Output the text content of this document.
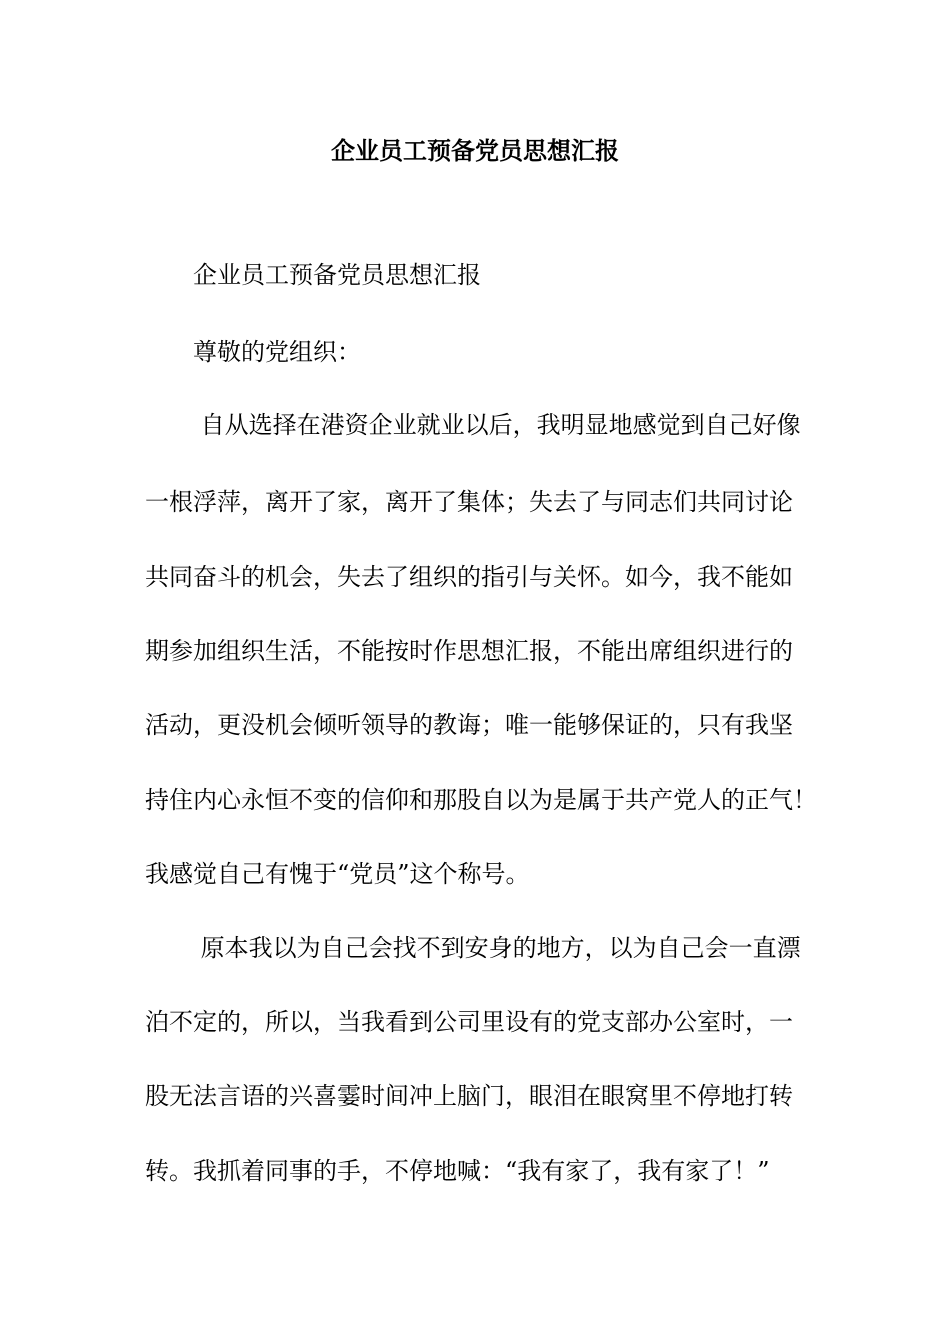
企业员工预备党员思想汇报

　　企业员工预备党员思想汇报

　　尊敬的党组织：

　　 自从选择在港资企业就业以后，我明显地感觉到自己好像

一根浮萍，离开了家，离开了集体；失去了与同志们共同讨论

共同奋斗的机会，失去了组织的指引与关怀。如今，我不能如

期参加组织生活，不能按时作思想汇报，不能出席组织进行的

活动，更没机会倾听领导的教诲；唯一能够保证的，只有我坚

持住内心永恒不变的信仰和那股自以为是属于共产党人的正气！

我感觉自己有愧于“党员”这个称号。

　　 原本我以为自己会找不到安身的地方，以为自己会一直漂

泊不定的，所以，当我看到公司里设有的党支部办公室时，一

股无法言语的兴喜霎时间冲上脑门，眼泪在眼窝里不停地打转

转。我抓着同事的手，不停地喊：“我有家了，我有家了！”
